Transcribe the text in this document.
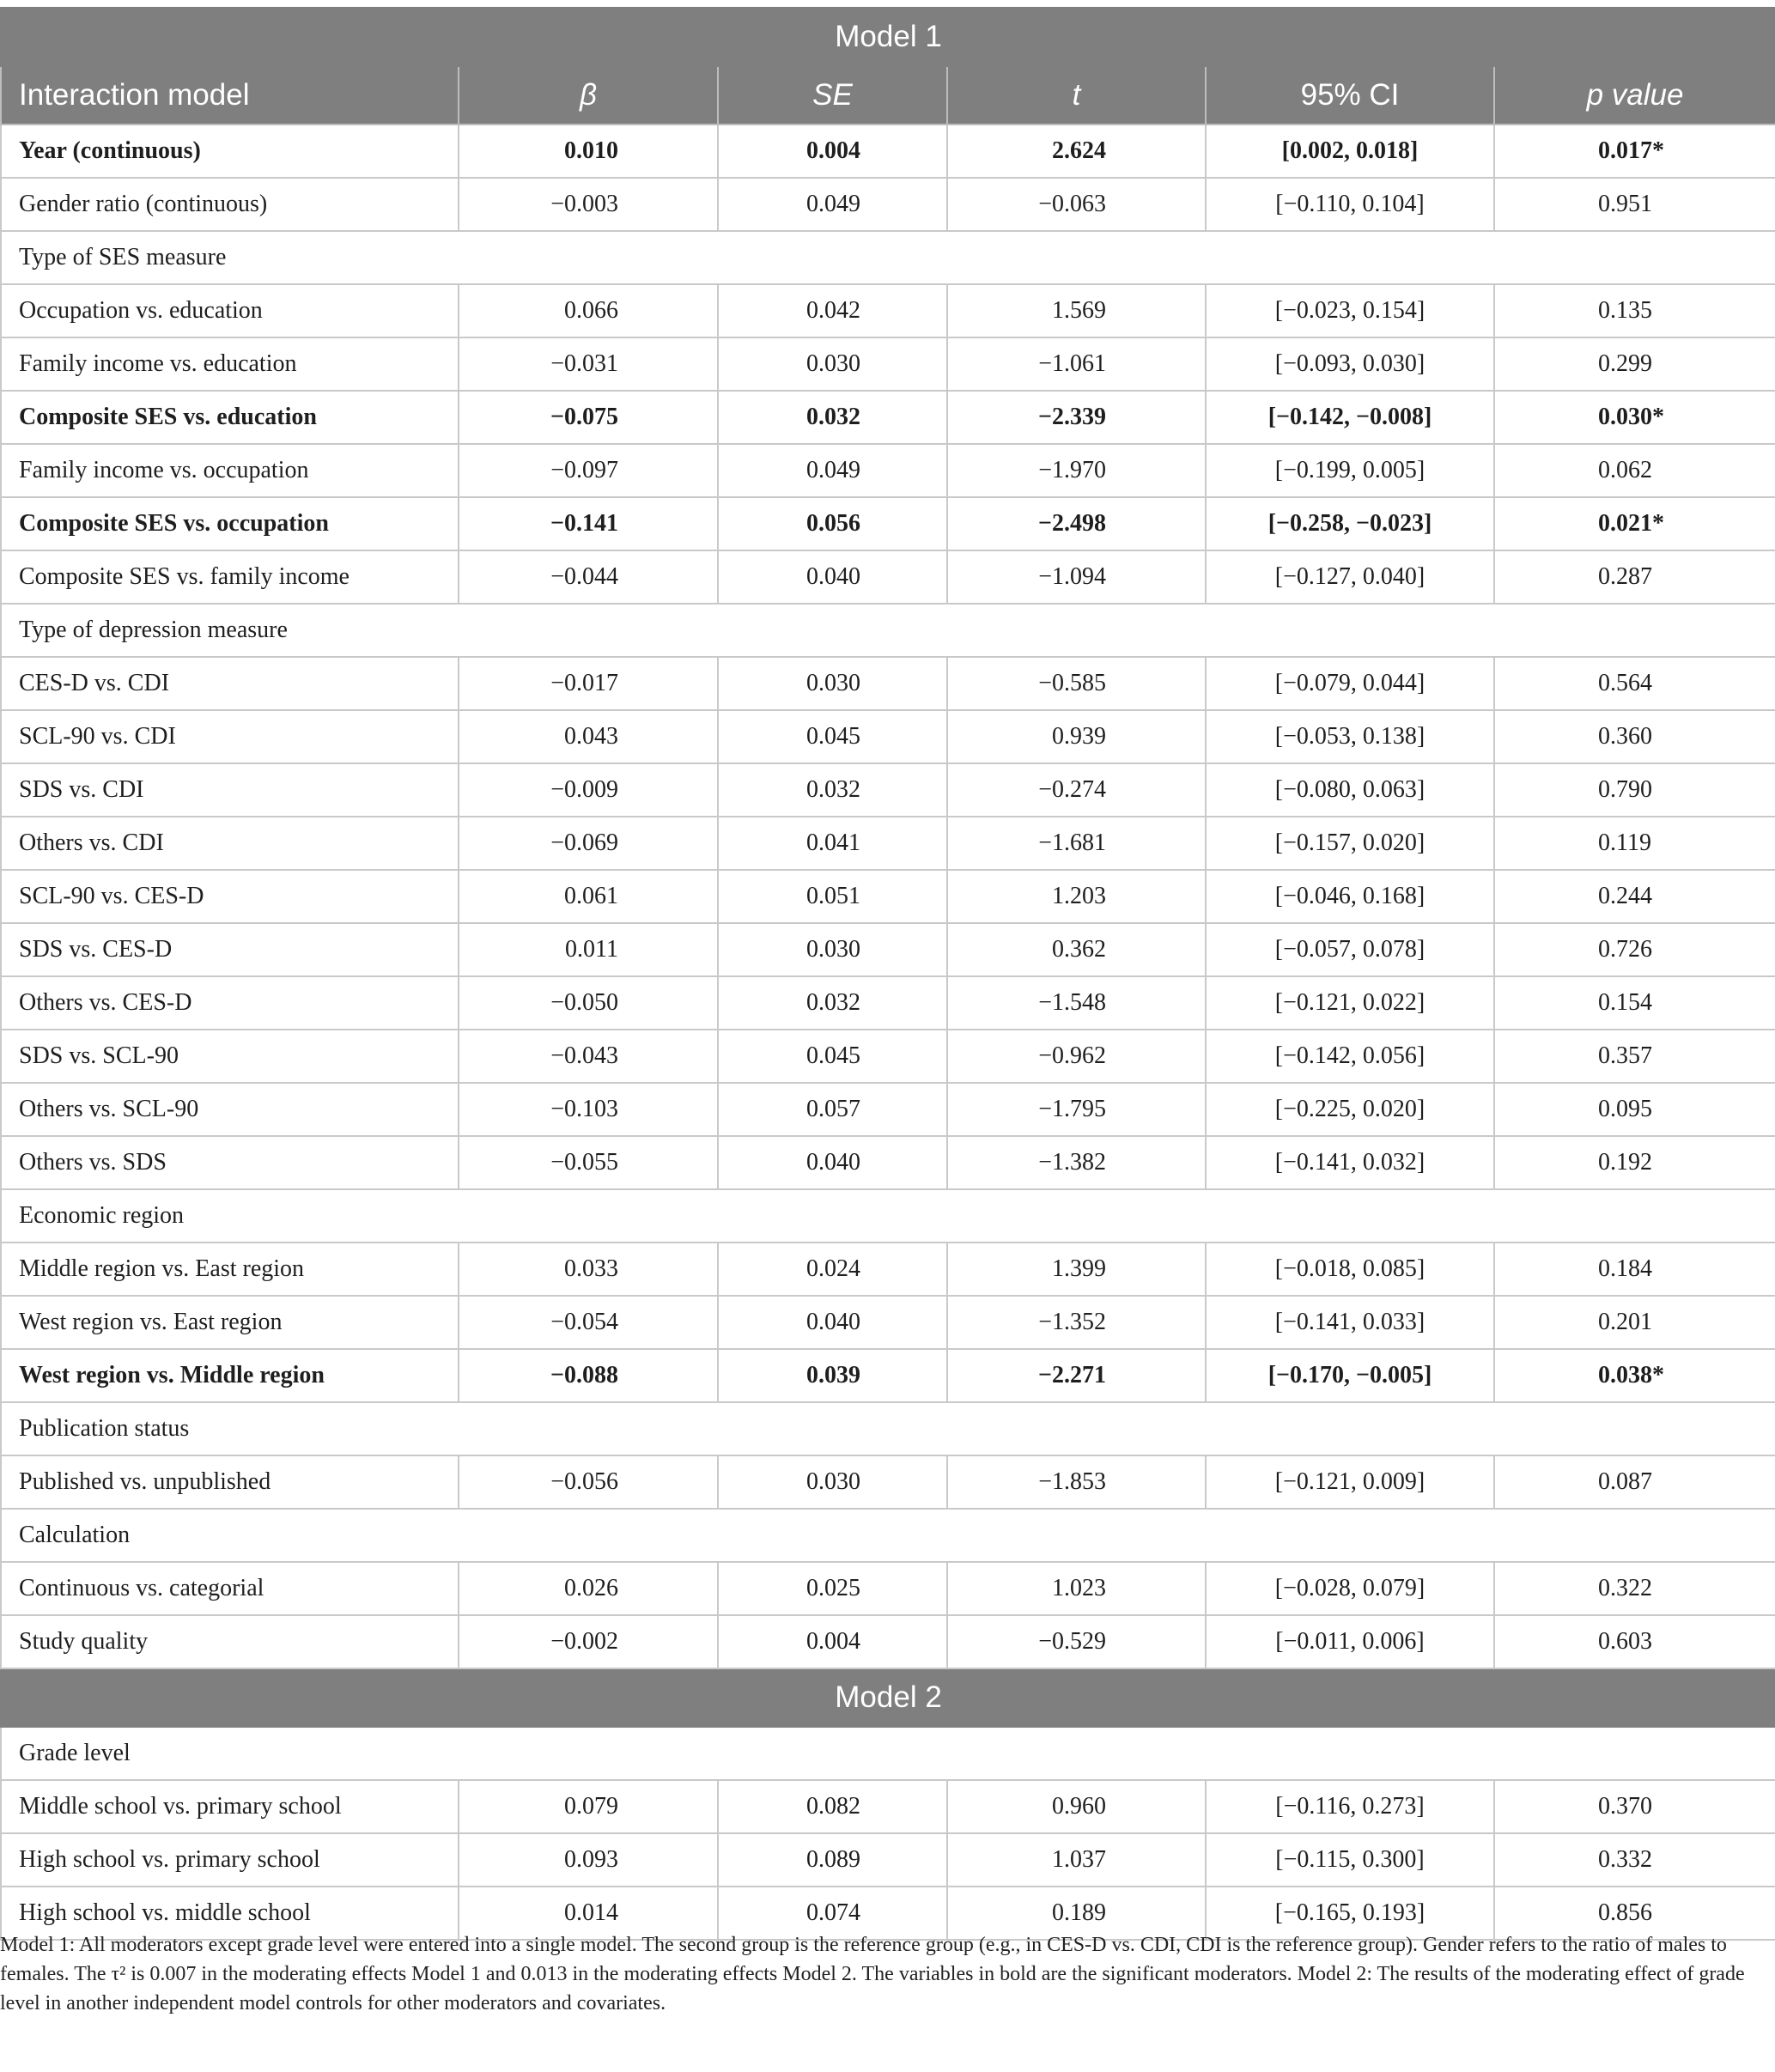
Model 1					
Interaction model	β	SE	t	95% CI	p value
Year (continuous)	0.010	0.004	2.624	[0.002, 0.018]	0.017*
Gender ratio (continuous)	−0.003	0.049	−0.063	[−0.110, 0.104]	0.951
Type of SES measure					
Occupation vs. education	0.066	0.042	1.569	[−0.023, 0.154]	0.135
Family income vs. education	−0.031	0.030	−1.061	[−0.093, 0.030]	0.299
Composite SES vs. education	−0.075	0.032	−2.339	[−0.142, −0.008]	0.030*
Family income vs. occupation	−0.097	0.049	−1.970	[−0.199, 0.005]	0.062
Composite SES vs. occupation	−0.141	0.056	−2.498	[−0.258, −0.023]	0.021*
Composite SES vs. family income	−0.044	0.040	−1.094	[−0.127, 0.040]	0.287
Type of depression measure					
CES-D vs. CDI	−0.017	0.030	−0.585	[−0.079, 0.044]	0.564
SCL-90 vs. CDI	0.043	0.045	0.939	[−0.053, 0.138]	0.360
SDS vs. CDI	−0.009	0.032	−0.274	[−0.080, 0.063]	0.790
Others vs. CDI	−0.069	0.041	−1.681	[−0.157, 0.020]	0.119
SCL-90 vs. CES-D	0.061	0.051	1.203	[−0.046, 0.168]	0.244
SDS vs. CES-D	0.011	0.030	0.362	[−0.057, 0.078]	0.726
Others vs. CES-D	−0.050	0.032	−1.548	[−0.121, 0.022]	0.154
SDS vs. SCL-90	−0.043	0.045	−0.962	[−0.142, 0.056]	0.357
Others vs. SCL-90	−0.103	0.057	−1.795	[−0.225, 0.020]	0.095
Others vs. SDS	−0.055	0.040	−1.382	[−0.141, 0.032]	0.192
Economic region					
Middle region vs. East region	0.033	0.024	1.399	[−0.018, 0.085]	0.184
West region vs. East region	−0.054	0.040	−1.352	[−0.141, 0.033]	0.201
West region vs. Middle region	−0.088	0.039	−2.271	[−0.170, −0.005]	0.038*
Publication status					
Published vs. unpublished	−0.056	0.030	−1.853	[−0.121, 0.009]	0.087
Calculation					
Continuous vs. categorial	0.026	0.025	1.023	[−0.028, 0.079]	0.322
Study quality	−0.002	0.004	−0.529	[−0.011, 0.006]	0.603
Model 2					
Grade level					
Middle school vs. primary school	0.079	0.082	0.960	[−0.116, 0.273]	0.370
High school vs. primary school	0.093	0.089	1.037	[−0.115, 0.300]	0.332
High school vs. middle school	0.014	0.074	0.189	[−0.165, 0.193]	0.856
Model 1: All moderators except grade level were entered into a single model. The second group is the reference group (e.g., in CES-D vs. CDI, CDI is the reference group). Gender refers to the ratio of males to females. The τ² is 0.007 in the moderating effects Model 1 and 0.013 in the moderating effects Model 2. The variables in bold are the significant moderators. Model 2: The results of the moderating effect of grade level in another independent model controls for other moderators and covariates.
